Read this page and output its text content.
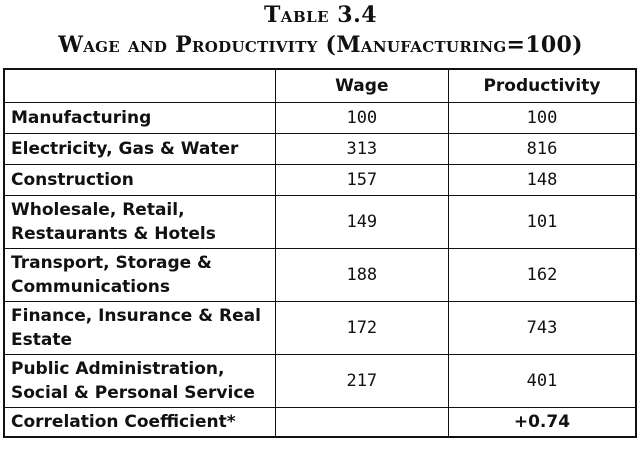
Table 3.4
Wage and Productivity (Manufacturing=100)
	Wage	Productivity
Manufacturing	100	100
Electricity, Gas & Water	313	816
Construction	157	148
Wholesale, Retail, Restaurants & Hotels	149	101
Transport, Storage & Communications	188	162
Finance, Insurance & Real Estate	172	743
Public Administration, Social & Personal Service	217	401
Correlation Coefficient*		+0.74
